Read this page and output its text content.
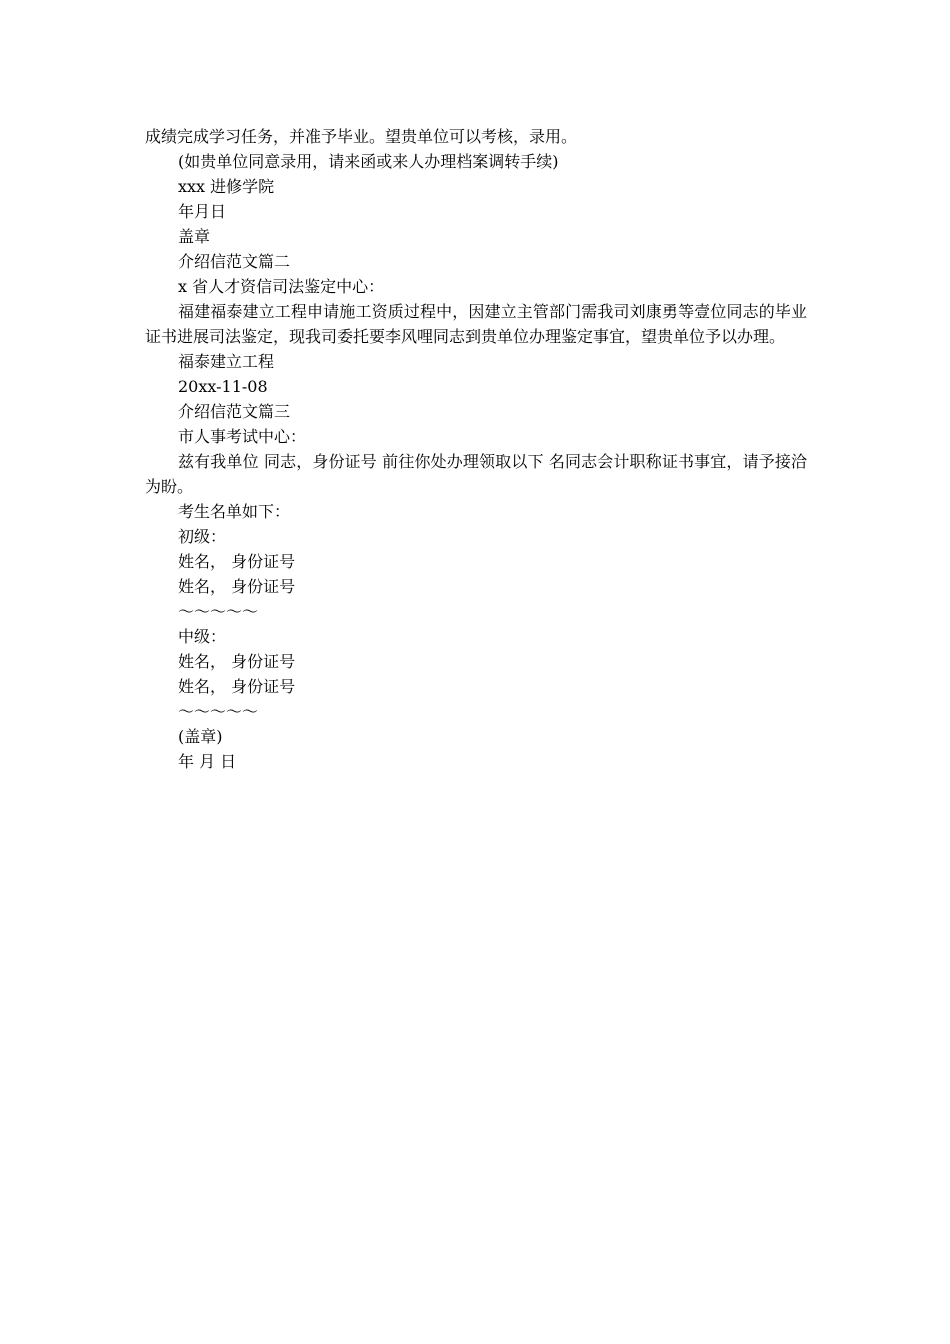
成绩完成学习任务，并准予毕业。望贵单位可以考核，录用。

(如贵单位同意录用，请来函或来人办理档案调转手续)

xxx 进修学院

年月日

盖章

介绍信范文篇二

x 省人才资信司法鉴定中心：

福建福泰建立工程申请施工资质过程中，因建立主管部门需我司刘康勇等壹位同志的毕业证书进展司法鉴定，现我司委托要李风哩同志到贵单位办理鉴定事宜，望贵单位予以办理。

福泰建立工程

20xx-11-08

介绍信范文篇三

市人事考试中心：

兹有我单位 同志，身份证号 前往你处办理领取以下 名同志会计职称证书事宜，请予接洽为盼。

考生名单如下：

初级：

姓名， 身份证号

姓名， 身份证号

～～～～～

中级：

姓名， 身份证号

姓名， 身份证号

～～～～～

(盖章)

年 月 日
